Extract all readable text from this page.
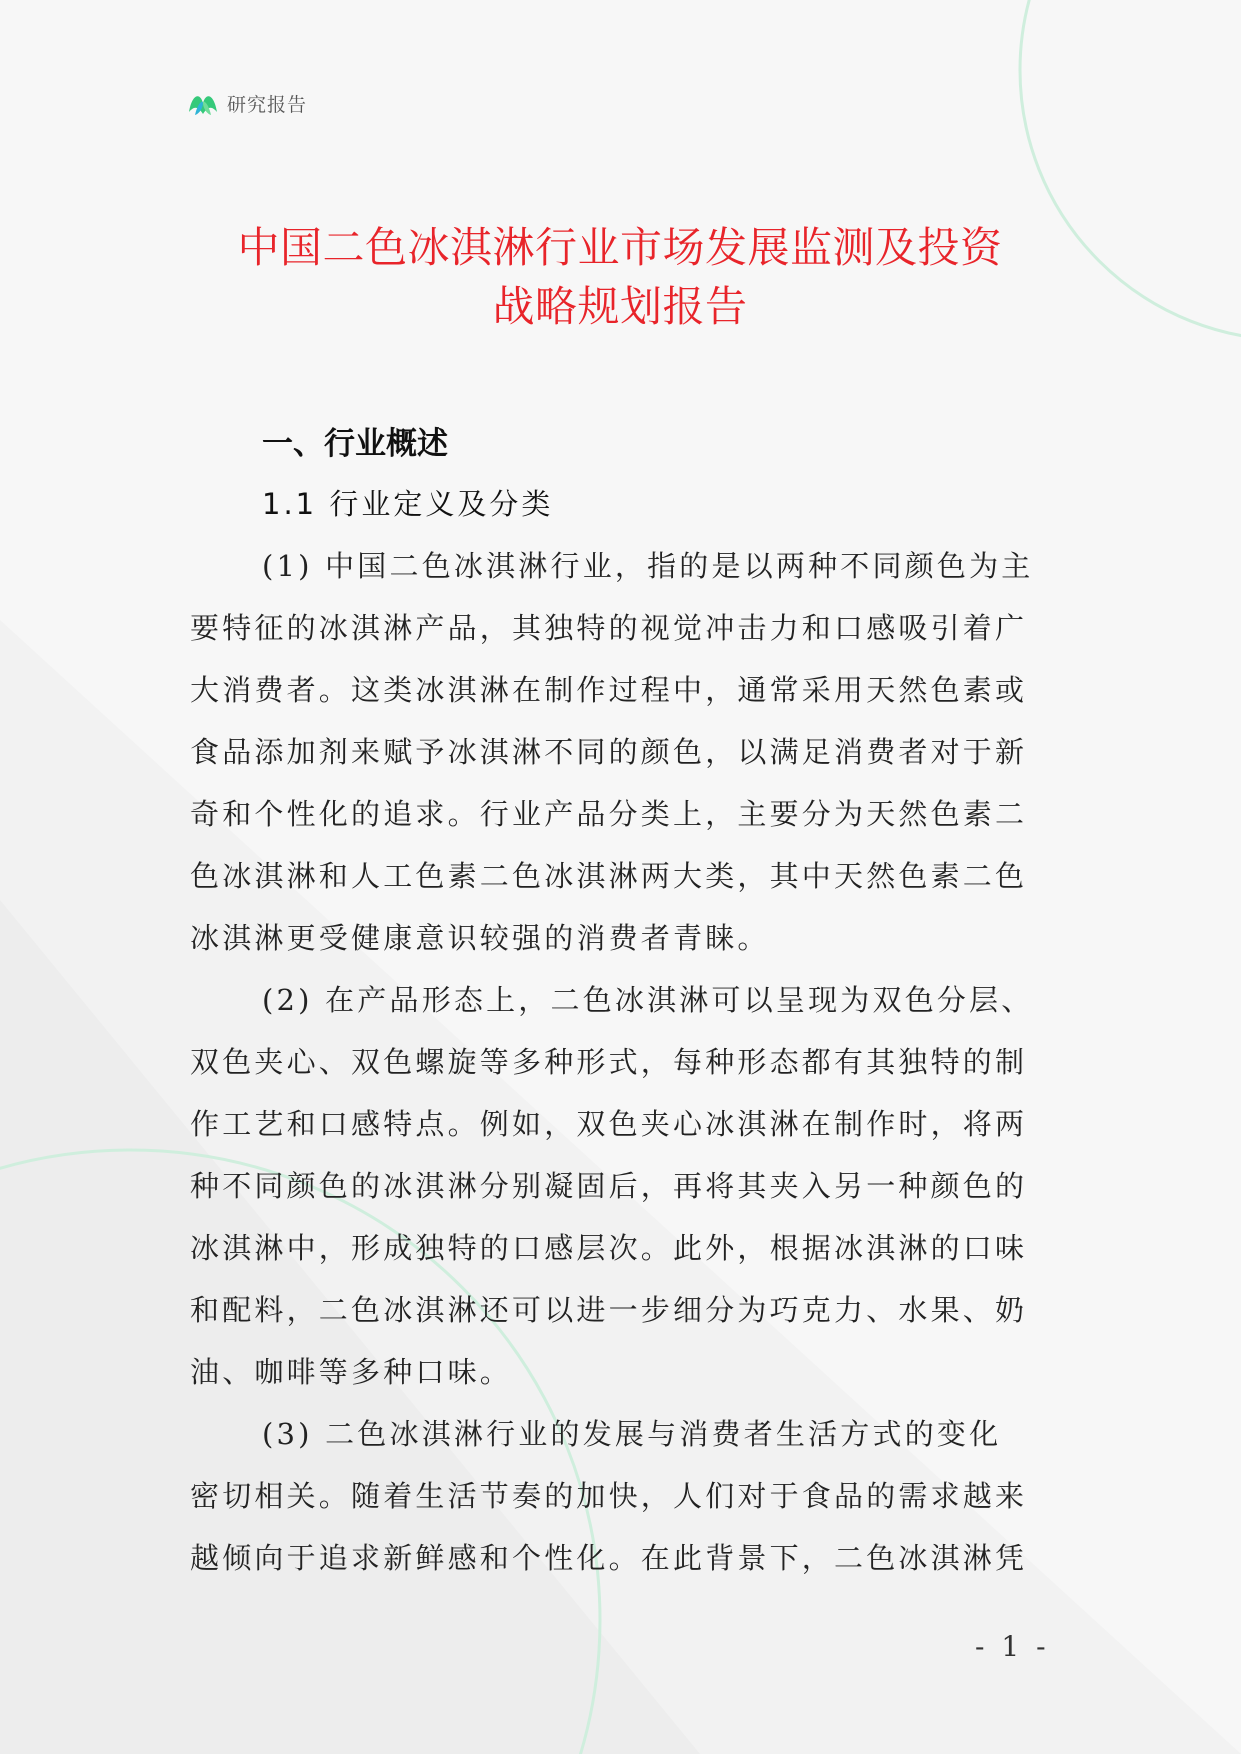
研究报告
中国二色冰淇淋行业市场发展监测及投资
战略规划报告
一、行业概述
1.1 行业定义及分类

(1) 中国二色冰淇淋行业，指的是以两种不同颜色为主
要特征的冰淇淋产品，其独特的视觉冲击力和口感吸引着广
大消费者。这类冰淇淋在制作过程中，通常采用天然色素或
食品添加剂来赋予冰淇淋不同的颜色，以满足消费者对于新
奇和个性化的追求。行业产品分类上，主要分为天然色素二
色冰淇淋和人工色素二色冰淇淋两大类，其中天然色素二色
冰淇淋更受健康意识较强的消费者青睐。

(2) 在产品形态上，二色冰淇淋可以呈现为双色分层、
双色夹心、双色螺旋等多种形式，每种形态都有其独特的制
作工艺和口感特点。例如，双色夹心冰淇淋在制作时，将两
种不同颜色的冰淇淋分别凝固后，再将其夹入另一种颜色的
冰淇淋中，形成独特的口感层次。此外，根据冰淇淋的口味
和配料，二色冰淇淋还可以进一步细分为巧克力、水果、奶
油、咖啡等多种口味。

(3) 二色冰淇淋行业的发展与消费者生活方式的变化
密切相关。随着生活节奏的加快，人们对于食品的需求越来
越倾向于追求新鲜感和个性化。在此背景下，二色冰淇淋凭

- 1 -
